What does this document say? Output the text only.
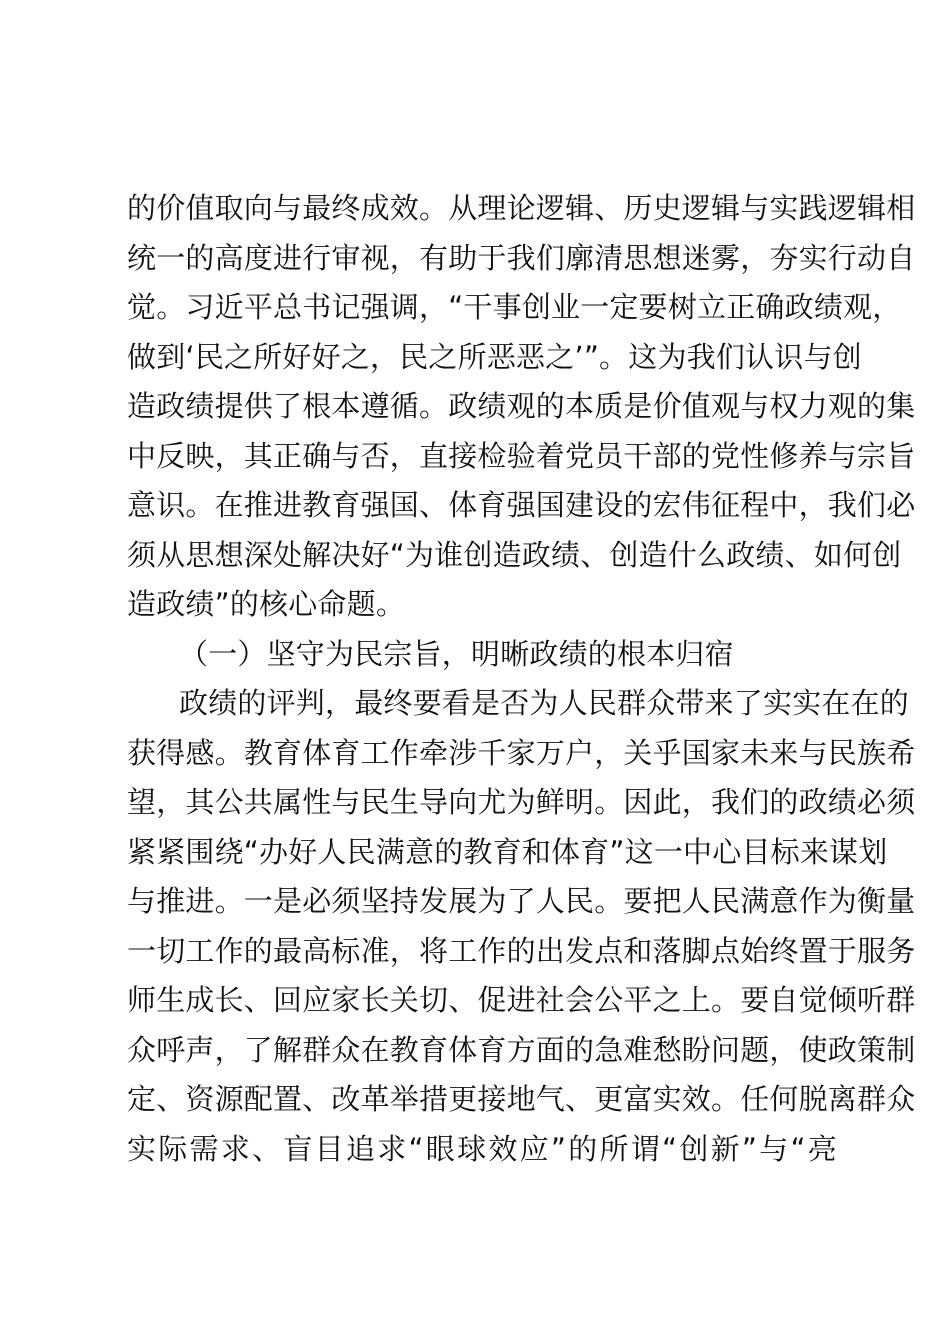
的价值取向与最终成效。从理论逻辑、历史逻辑与实践逻辑相
统一的高度进行审视，有助于我们廓清思想迷雾，夯实行动自
觉。习近平总书记强调，“干事创业一定要树立正确政绩观，
做到‘民之所好好之，民之所恶恶之’”。这为我们认识与创
造政绩提供了根本遵循。政绩观的本质是价值观与权力观的集
中反映，其正确与否，直接检验着党员干部的党性修养与宗旨
意识。在推进教育强国、体育强国建设的宏伟征程中，我们必
须从思想深处解决好“为谁创造政绩、创造什么政绩、如何创
造政绩”的核心命题。
（一）坚守为民宗旨，明晰政绩的根本归宿
政绩的评判，最终要看是否为人民群众带来了实实在在的
获得感。教育体育工作牵涉千家万户，关乎国家未来与民族希
望，其公共属性与民生导向尤为鲜明。因此，我们的政绩必须
紧紧围绕“办好人民满意的教育和体育”这一中心目标来谋划
与推进。一是必须坚持发展为了人民。要把人民满意作为衡量
一切工作的最高标准，将工作的出发点和落脚点始终置于服务
师生成长、回应家长关切、促进社会公平之上。要自觉倾听群
众呼声，了解群众在教育体育方面的急难愁盼问题，使政策制
定、资源配置、改革举措更接地气、更富实效。任何脱离群众
实际需求、盲目追求“眼球效应”的所谓“创新”与“亮
